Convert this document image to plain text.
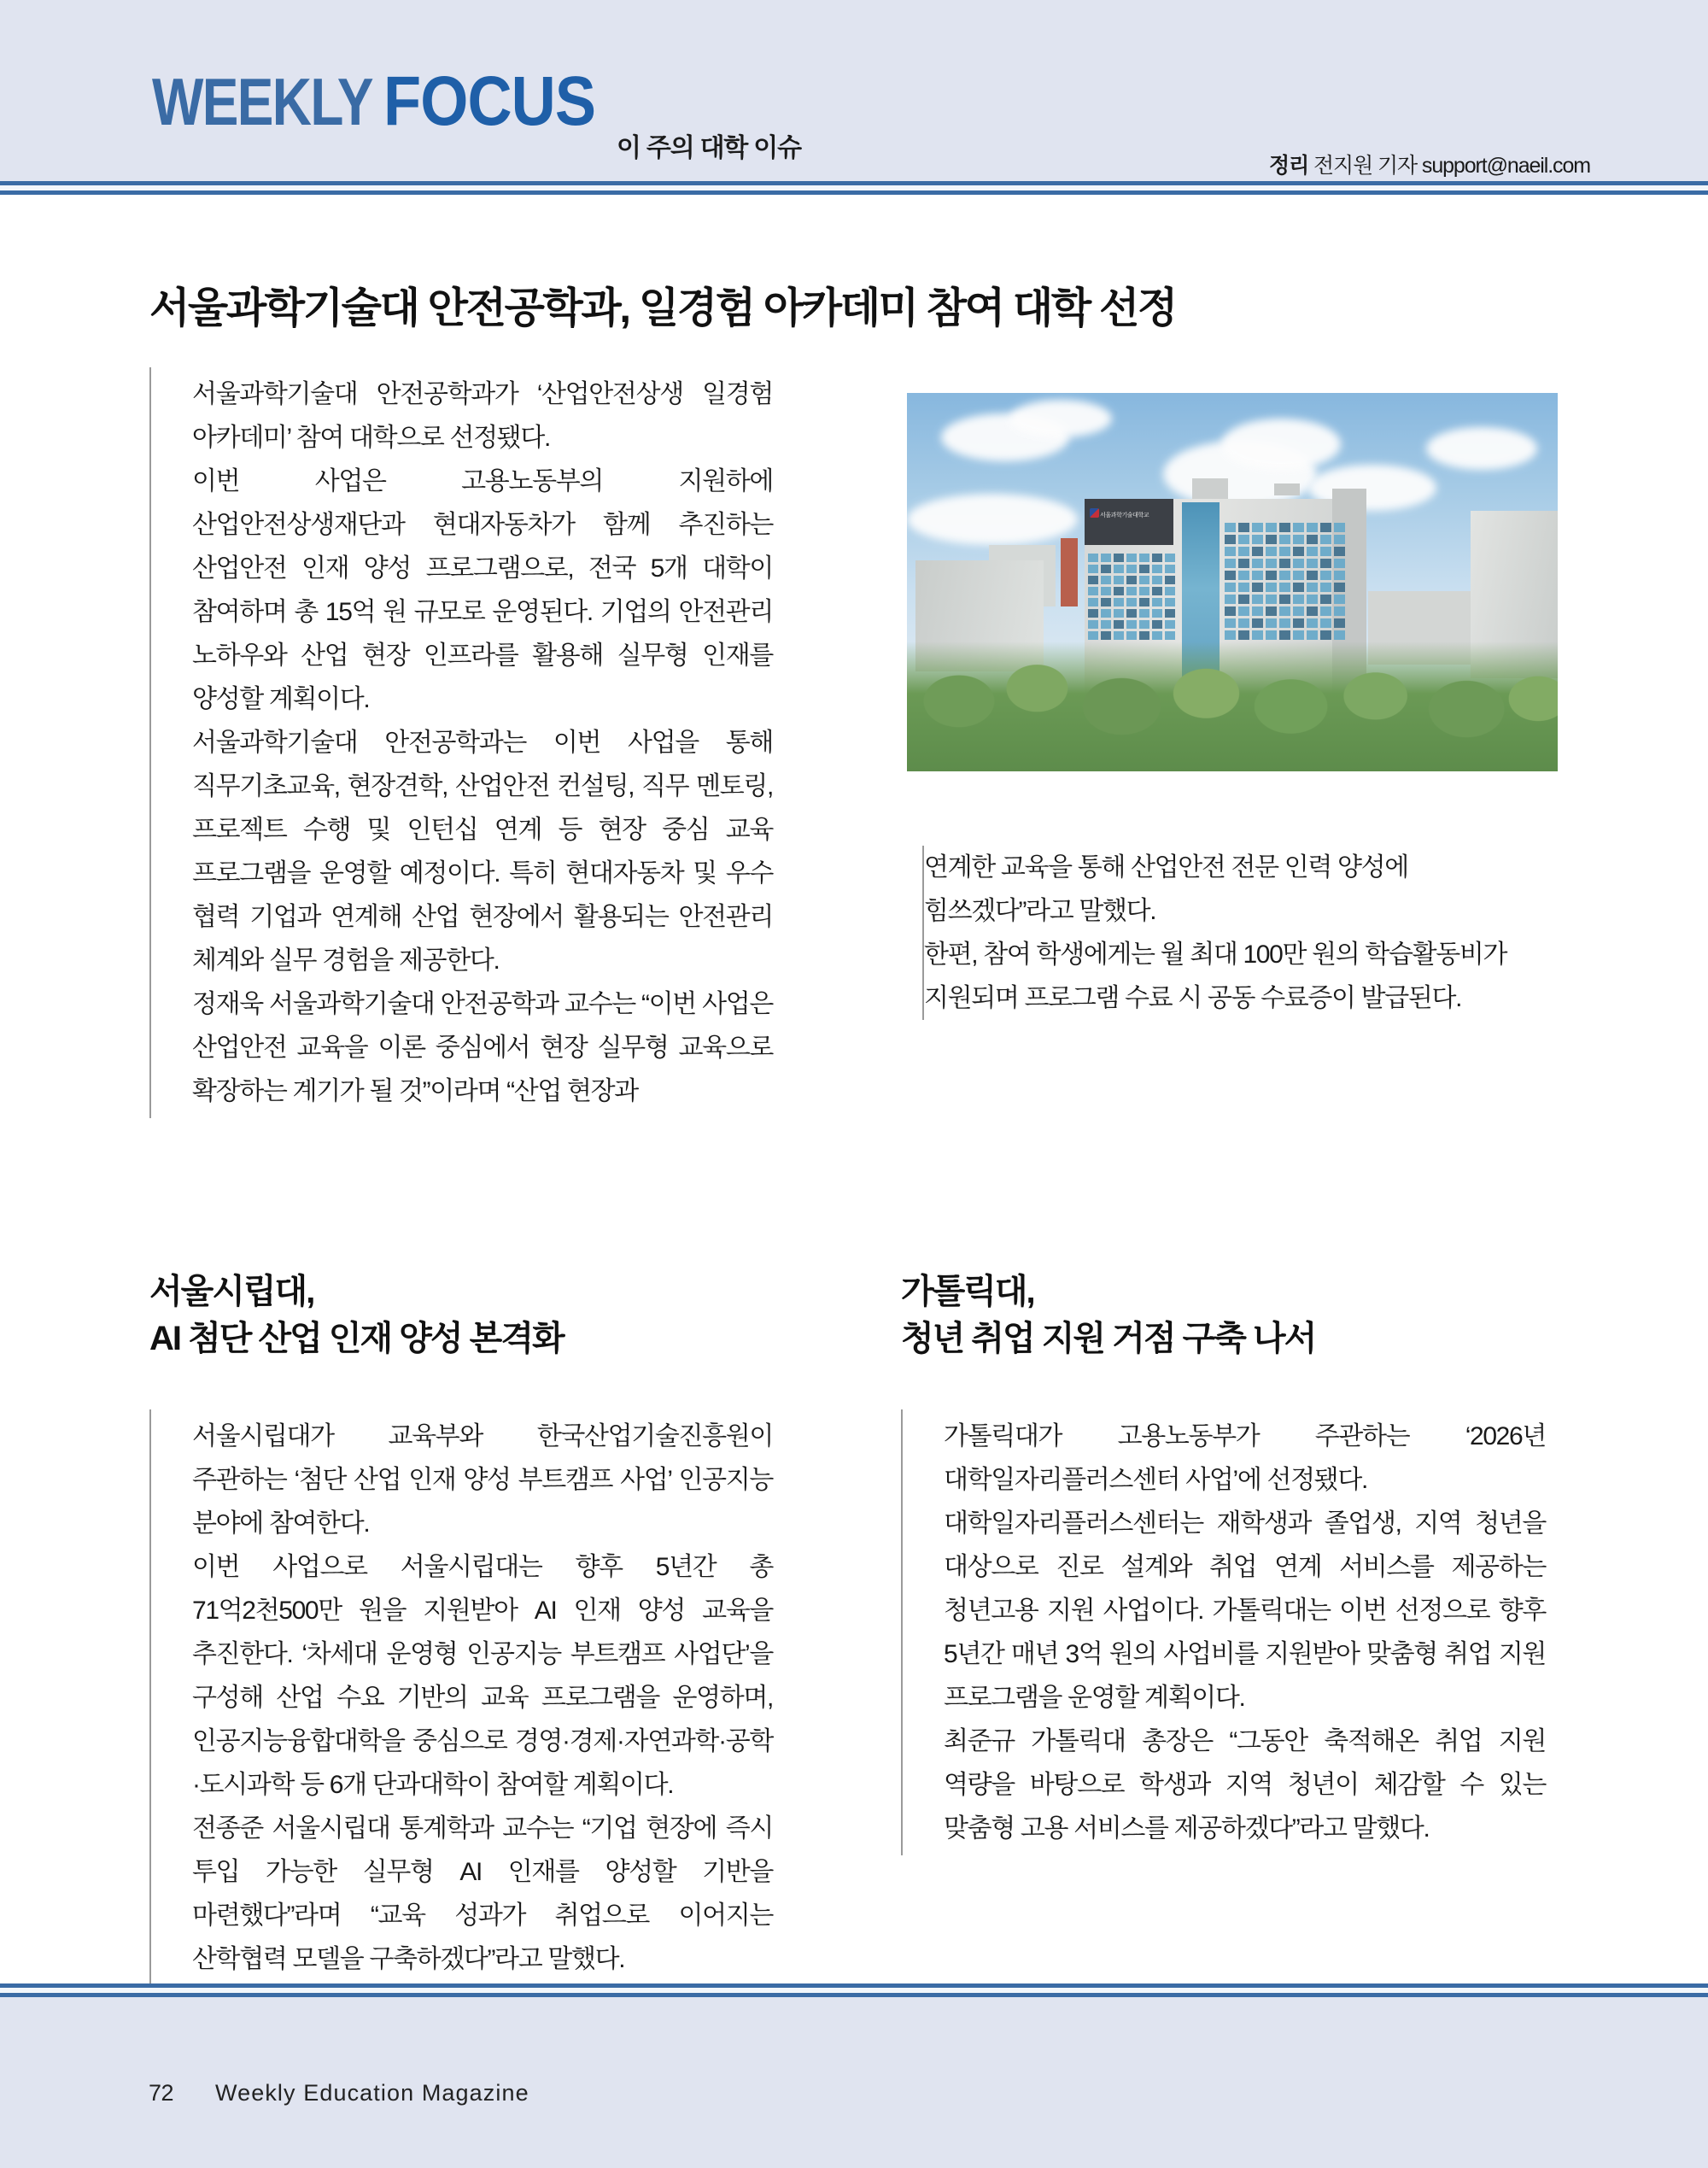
WEEKLY FOCUS
이 주의 대학 이슈
정리 전지원 기자 support@naeil.com
서울과학기술대 안전공학과, 일경험 아카데미 참여 대학 선정

서울과학기술대 안전공학과가 ‘산업안전상생 일경험 아카데미’ 참여 대학으로 선정됐다.
이번 사업은 고용노동부의 지원하에 산업안전상생재단과 현대자동차가 함께 추진하는 산업안전 인재 양성 프로그램으로, 전국 5개 대학이 참여하며 총 15억 원 규모로 운영된다. 기업의 안전관리 노하우와 산업 현장 인프라를 활용해 실무형 인재를 양성할 계획이다.
서울과학기술대 안전공학과는 이번 사업을 통해 직무기초교육, 현장견학, 산업안전 컨설팅, 직무 멘토링, 프로젝트 수행 및 인턴십 연계 등 현장 중심 교육 프로그램을 운영할 예정이다. 특히 현대자동차 및 우수 협력 기업과 연계해 산업 현장에서 활용되는 안전관리 체계와 실무 경험을 제공한다.
정재욱 서울과학기술대 안전공학과 교수는 “이번 사업은 산업안전 교육을 이론 중심에서 현장 실무형 교육으로 확장하는 계기가 될 것”이라며 “산업 현장과

서울과학기술대학교

연계한 교육을 통해 산업안전 전문 인력 양성에 힘쓰겠다”라고 말했다.
한편, 참여 학생에게는 월 최대 100만 원의 학습활동비가 지원되며 프로그램 수료 시 공동 수료증이 발급된다.

서울시립대,
AI 첨단 산업 인재 양성 본격화

서울시립대가 교육부와 한국산업기술진흥원이 주관하는 ‘첨단 산업 인재 양성 부트캠프 사업’ 인공지능 분야에 참여한다.
이번 사업으로 서울시립대는 향후 5년간 총 71억2천500만 원을 지원받아 AI 인재 양성 교육을 추진한다. ‘차세대 운영형 인공지능 부트캠프 사업단’을 구성해 산업 수요 기반의 교육 프로그램을 운영하며, 인공지능융합대학을 중심으로 경영·경제·자연과학·공학·도시과학 등 6개 단과대학이 참여할 계획이다.
전종준 서울시립대 통계학과 교수는 “기업 현장에 즉시 투입 가능한 실무형 AI 인재를 양성할 기반을 마련했다”라며 “교육 성과가 취업으로 이어지는 산학협력 모델을 구축하겠다”라고 말했다.

가톨릭대,
청년 취업 지원 거점 구축 나서

가톨릭대가 고용노동부가 주관하는 ‘2026년 대학일자리플러스센터 사업’에 선정됐다.
대학일자리플러스센터는 재학생과 졸업생, 지역 청년을 대상으로 진로 설계와 취업 연계 서비스를 제공하는 청년고용 지원 사업이다. 가톨릭대는 이번 선정으로 향후 5년간 매년 3억 원의 사업비를 지원받아 맞춤형 취업 지원 프로그램을 운영할 계획이다.
최준규 가톨릭대 총장은 “그동안 축적해온 취업 지원 역량을 바탕으로 학생과 지역 청년이 체감할 수 있는 맞춤형 고용 서비스를 제공하겠다”라고 말했다.

72 Weekly Education Magazine
